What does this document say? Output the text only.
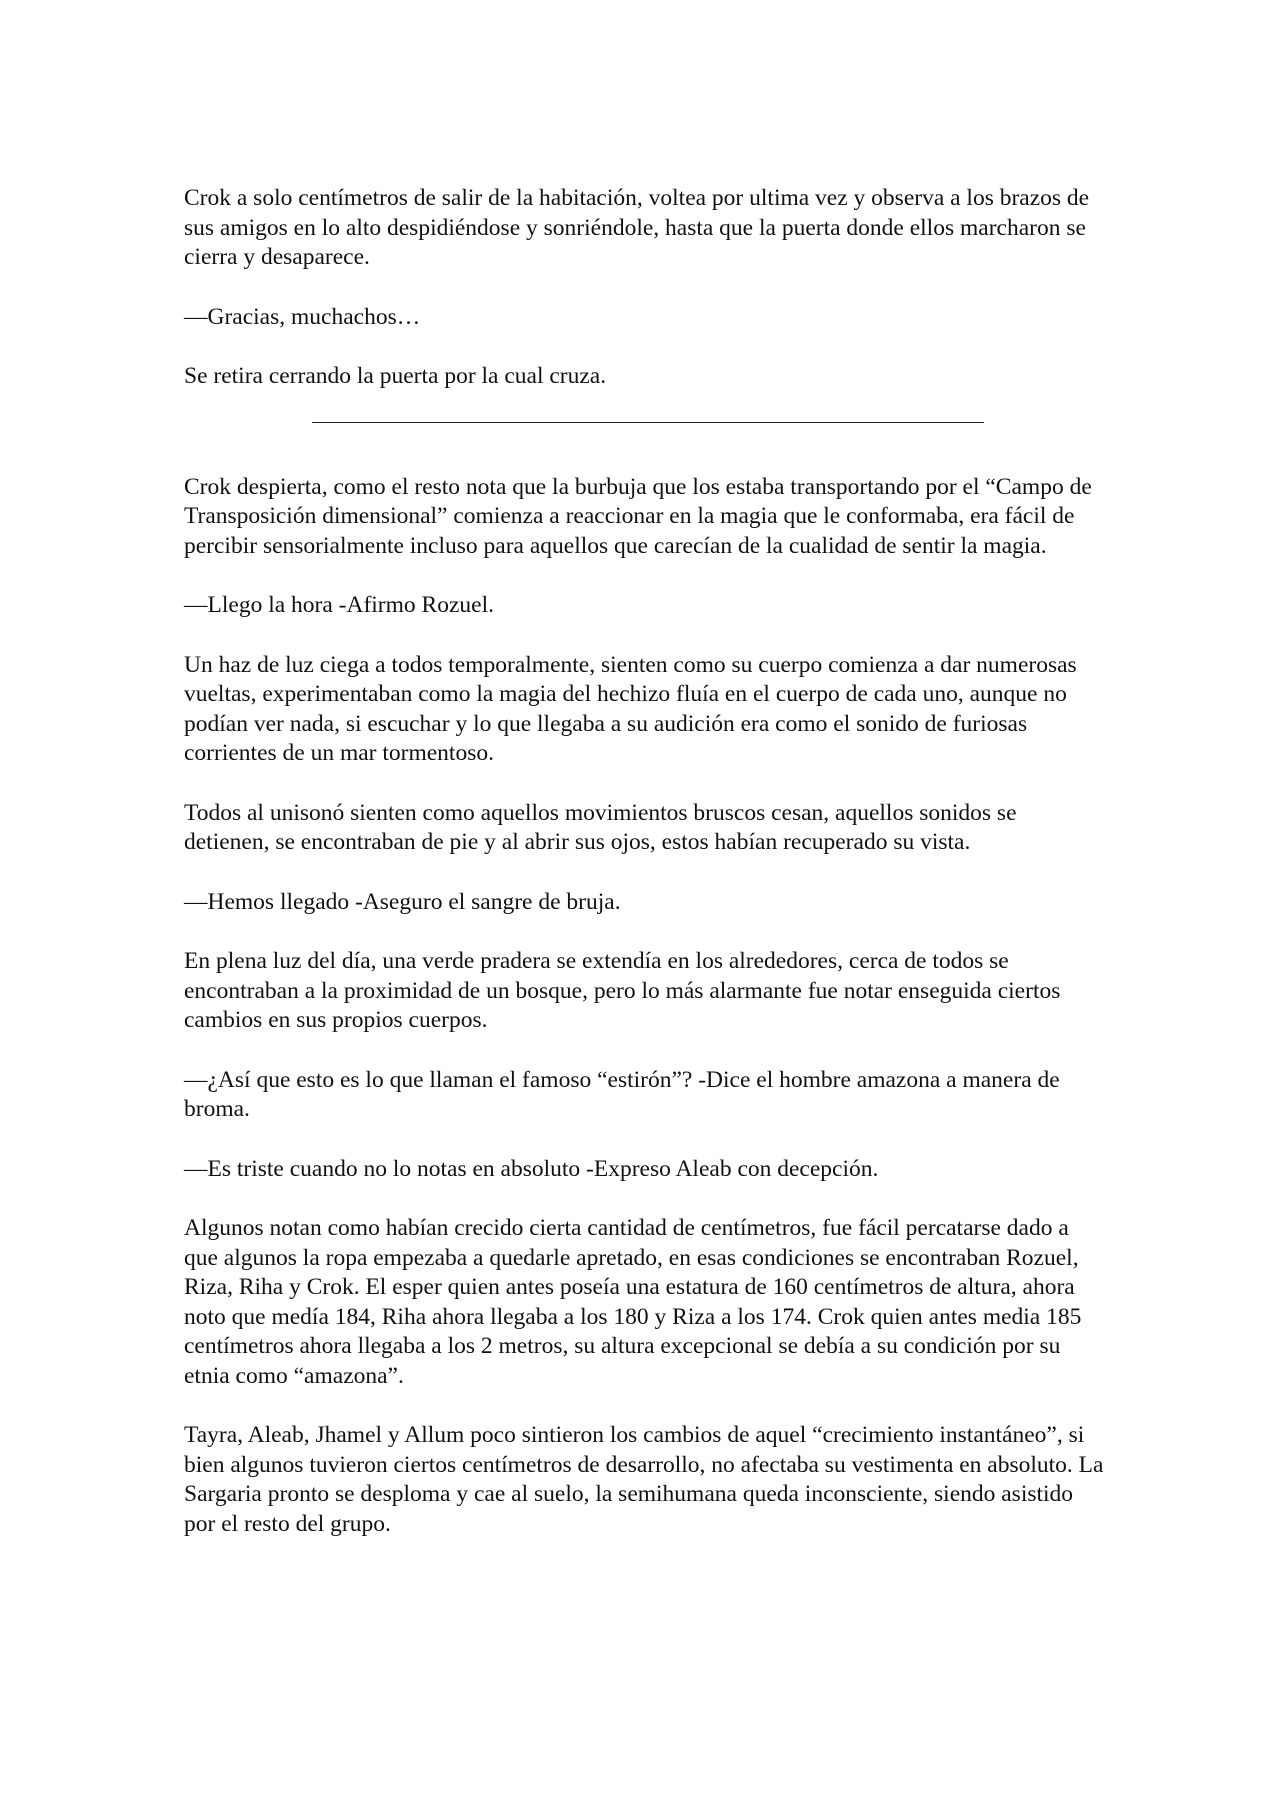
Crok a solo centímetros de salir de la habitación, voltea por ultima vez y observa a los brazos de sus amigos en lo alto despidiéndose y sonriéndole, hasta que la puerta donde ellos marcharon se cierra y desaparece.

—Gracias, muchachos…

Se retira cerrando la puerta por la cual cruza.

Crok despierta, como el resto nota que la burbuja que los estaba transportando por el “Campo de Transposición dimensional” comienza a reaccionar en la magia que le conformaba, era fácil de percibir sensorialmente incluso para aquellos que carecían de la cualidad de sentir la magia.

—Llego la hora -Afirmo Rozuel.

Un haz de luz ciega a todos temporalmente, sienten como su cuerpo comienza a dar numerosas vueltas, experimentaban como la magia del hechizo fluía en el cuerpo de cada uno, aunque no podían ver nada, si escuchar y lo que llegaba a su audición era como el sonido de furiosas corrientes de un mar tormentoso.

Todos al unisonó sienten como aquellos movimientos bruscos cesan, aquellos sonidos se detienen, se encontraban de pie y al abrir sus ojos, estos habían recuperado su vista.

—Hemos llegado -Aseguro el sangre de bruja.

En plena luz del día, una verde pradera se extendía en los alrededores, cerca de todos se encontraban a la proximidad de un bosque, pero lo más alarmante fue notar enseguida ciertos cambios en sus propios cuerpos.

—¿Así que esto es lo que llaman el famoso “estirón”? -Dice el hombre amazona a manera de broma.

—Es triste cuando no lo notas en absoluto -Expreso Aleab con decepción.

Algunos notan como habían crecido cierta cantidad de centímetros, fue fácil percatarse dado a que algunos la ropa empezaba a quedarle apretado, en esas condiciones se encontraban Rozuel, Riza, Riha y Crok. El esper quien antes poseía una estatura de 160 centímetros de altura, ahora noto que medía 184, Riha ahora llegaba a los 180 y Riza a los 174. Crok quien antes media 185 centímetros ahora llegaba a los 2 metros, su altura excepcional se debía a su condición por su etnia como “amazona”.

Tayra, Aleab, Jhamel y Allum poco sintieron los cambios de aquel “crecimiento instantáneo”, si bien algunos tuvieron ciertos centímetros de desarrollo, no afectaba su vestimenta en absoluto. La Sargaria pronto se desploma y cae al suelo, la semihumana queda inconsciente, siendo asistido por el resto del grupo.
